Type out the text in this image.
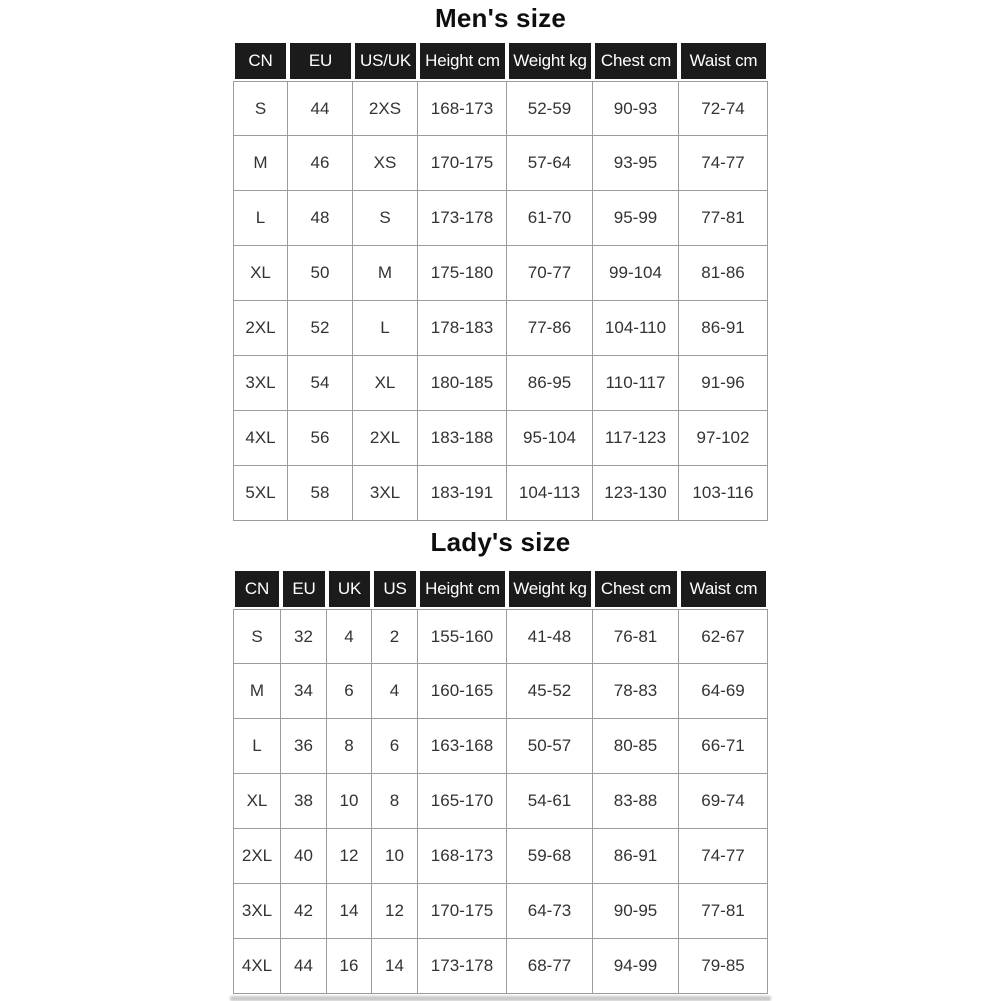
Men's size
CN	EU	US/UK	Height cm	Weight kg	Chest cm	Waist cm
S	44	2XS	168-173	52-59	90-93	72-74
M	46	XS	170-175	57-64	93-95	74-77
L	48	S	173-178	61-70	95-99	77-81
XL	50	M	175-180	70-77	99-104	81-86
2XL	52	L	178-183	77-86	104-110	86-91
3XL	54	XL	180-185	86-95	110-117	91-96
4XL	56	2XL	183-188	95-104	117-123	97-102
5XL	58	3XL	183-191	104-113	123-130	103-116
Lady's size
CN	EU	UK	US	Height cm	Weight kg	Chest cm	Waist cm
S	32	4	2	155-160	41-48	76-81	62-67
M	34	6	4	160-165	45-52	78-83	64-69
L	36	8	6	163-168	50-57	80-85	66-71
XL	38	10	8	165-170	54-61	83-88	69-74
2XL	40	12	10	168-173	59-68	86-91	74-77
3XL	42	14	12	170-175	64-73	90-95	77-81
4XL	44	16	14	173-178	68-77	94-99	79-85
